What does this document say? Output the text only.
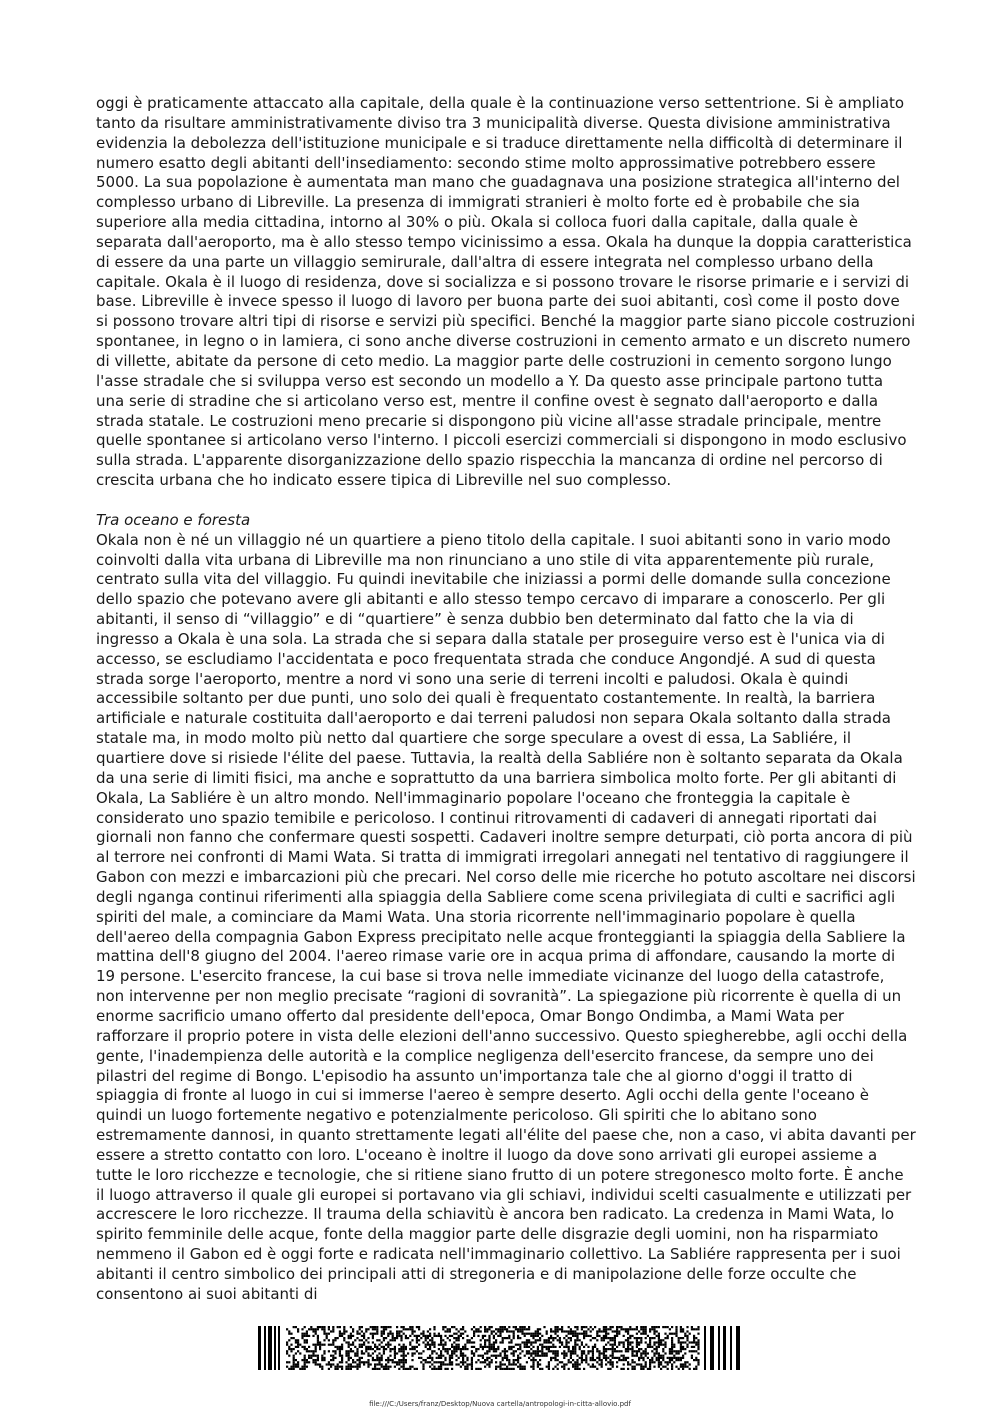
oggi è praticamente attaccato alla capitale, della quale è la continuazione verso settentrione. Si è ampliato tanto da risultare amministrativamente diviso tra 3 municipalità diverse. Questa divisione amministrativa evidenzia la debolezza dell'istituzione municipale e si traduce direttamente nella difficoltà di determinare il numero esatto degli abitanti dell'insediamento: secondo stime molto approssimative potrebbero essere 5000. La sua popolazione è aumentata man mano che guadagnava una posizione strategica all'interno del complesso urbano di Libreville. La presenza di immigrati stranieri è molto forte ed è probabile che sia superiore alla media cittadina, intorno al 30% o più. Okala si colloca fuori dalla capitale, dalla quale è separata dall'aeroporto, ma è allo stesso tempo vicinissimo a essa. Okala ha dunque la doppia caratteristica di essere da una parte un villaggio semirurale, dall'altra di essere integrata nel complesso urbano della capitale. Okala è il luogo di residenza, dove si socializza e si possono trovare le risorse primarie e i servizi di base. Libreville è invece spesso il luogo di lavoro per buona parte dei suoi abitanti, così come il posto dove si possono trovare altri tipi di risorse e servizi più specifici. Benché la maggior parte siano piccole costruzioni spontanee, in legno o in lamiera, ci sono anche diverse costruzioni in cemento armato e un discreto numero di villette, abitate da persone di ceto medio. La maggior parte delle costruzioni in cemento sorgono lungo l'asse stradale che si sviluppa verso est secondo un modello a Y. Da questo asse principale partono tutta una serie di stradine che si articolano verso est, mentre il confine ovest è segnato dall'aeroporto e dalla strada statale. Le costruzioni meno precarie si dispongono più vicine all'asse stradale principale, mentre quelle spontanee si articolano verso l'interno. I piccoli esercizi commerciali si dispongono in modo esclusivo sulla strada. L'apparente disorganizzazione dello spazio rispecchia la mancanza di ordine nel percorso di crescita urbana che ho indicato essere tipica di Libreville nel suo complesso.

Tra oceano e foresta

Okala non è né un villaggio né un quartiere a pieno titolo della capitale. I suoi abitanti sono in vario modo coinvolti dalla vita urbana di Libreville ma non rinunciano a uno stile di vita apparentemente più rurale, centrato sulla vita del villaggio. Fu quindi inevitabile che iniziassi a pormi delle domande sulla concezione dello spazio che potevano avere gli abitanti e allo stesso tempo cercavo di imparare a conoscerlo. Per gli abitanti, il senso di “villaggio” e di “quartiere” è senza dubbio ben determinato dal fatto che la via di ingresso a Okala è una sola. La strada che si separa dalla statale per proseguire verso est è l'unica via di accesso, se escludiamo l'accidentata e poco frequentata strada che conduce Angondjé. A sud di questa strada sorge l'aeroporto, mentre a nord vi sono una serie di terreni incolti e paludosi. Okala è quindi accessibile soltanto per due punti, uno solo dei quali è frequentato costantemente. In realtà, la barriera artificiale e naturale costituita dall'aeroporto e dai terreni paludosi non separa Okala soltanto dalla strada statale ma, in modo molto più netto dal quartiere che sorge speculare a ovest di essa, La Sabliére, il quartiere dove si risiede l'élite del paese. Tuttavia, la realtà della Sabliére non è soltanto separata da Okala da una serie di limiti fisici, ma anche e soprattutto da una barriera simbolica molto forte. Per gli abitanti di Okala, La Sabliére è un altro mondo. Nell'immaginario popolare l'oceano che fronteggia la capitale è considerato uno spazio temibile e pericoloso. I continui ritrovamenti di cadaveri di annegati riportati dai giornali non fanno che confermare questi sospetti. Cadaveri inoltre sempre deturpati, ciò porta ancora di più al terrore nei confronti di Mami Wata. Si tratta di immigrati irregolari annegati nel tentativo di raggiungere il Gabon con mezzi e imbarcazioni più che precari. Nel corso delle mie ricerche ho potuto ascoltare nei discorsi degli nganga continui riferimenti alla spiaggia della Sabliere come scena privilegiata di culti e sacrifici agli spiriti del male, a cominciare da Mami Wata. Una storia ricorrente nell'immaginario popolare è quella dell'aereo della compagnia Gabon Express precipitato nelle acque fronteggianti la spiaggia della Sabliere la mattina dell'8 giugno del 2004. l'aereo rimase varie ore in acqua prima di affondare, causando la morte di 19 persone. L'esercito francese, la cui base si trova nelle immediate vicinanze del luogo della catastrofe, non intervenne per non meglio precisate “ragioni di sovranità”. La spiegazione più ricorrente è quella di un enorme sacrificio umano offerto dal presidente dell'epoca, Omar Bongo Ondimba, a Mami Wata per rafforzare il proprio potere in vista delle elezioni dell'anno successivo. Questo spiegherebbe, agli occhi della gente, l'inadempienza delle autorità e la complice negligenza dell'esercito francese, da sempre uno dei pilastri del regime di Bongo. L'episodio ha assunto un'importanza tale che al giorno d'oggi il tratto di spiaggia di fronte al luogo in cui si immerse l'aereo è sempre deserto. Agli occhi della gente l'oceano è quindi un luogo fortemente negativo e potenzialmente pericoloso. Gli spiriti che lo abitano sono estremamente dannosi, in quanto strettamente legati all'élite del paese che, non a caso, vi abita davanti per essere a stretto contatto con loro. L'oceano è inoltre il luogo da dove sono arrivati gli europei assieme a tutte le loro ricchezze e tecnologie, che si ritiene siano frutto di un potere stregonesco molto forte. È anche il luogo attraverso il quale gli europei si portavano via gli schiavi, individui scelti casualmente e utilizzati per accrescere le loro ricchezze. Il trauma della schiavitù è ancora ben radicato. La credenza in Mami Wata, lo spirito femminile delle acque, fonte della maggior parte delle disgrazie degli uomini, non ha risparmiato nemmeno il Gabon ed è oggi forte e radicata nell'immaginario collettivo. La Sabliére rappresenta per i suoi abitanti il centro simbolico dei principali atti di stregoneria e di manipolazione delle forze occulte che consentono ai suoi abitanti di

file:///C:/Users/franz/Desktop/Nuova cartella/antropologi-in-citta-allovio.pdf
